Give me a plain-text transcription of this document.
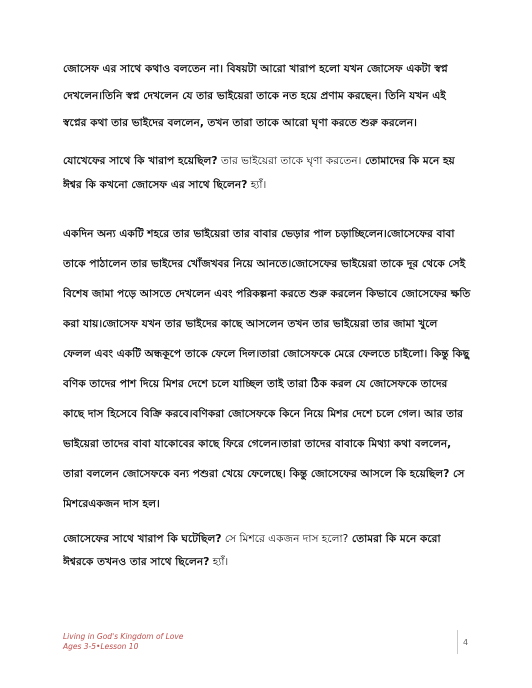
জোসেফ এর সাথে কথাও বলতেন না। বিষয়টা আরো খারাপ হলো যখন জোসেফ একটা স্বপ্ন
দেখলেন।তিনি স্বপ্ন দেখলেন যে তার ভাইয়েরা তাকে নত হয়ে প্রণাম করছেন। তিনি যখন এই
স্বপ্নের কথা তার ভাইদের বললেন, তখন তারা তাকে আরো ঘৃণা করতে শুরু করলেন।
যোখেফের সাথে কি খারাপ হয়েছিল? তার ভাইয়েরা তাকে ঘৃণা করতেন। তোমাদের কি মনে হয়
ঈশ্বর কি কখনো জোসেফ এর সাথে ছিলেন? হ্যাঁ।
একদিন অন্য একটি শহরে তার ভাইয়েরা তার বাবার ভেড়ার পাল চড়াচ্ছিলেন।জোসেফের বাবা
তাকে পাঠালেন তার ভাইদের খোঁজখবর নিয়ে আনতে।জোসেফের ভাইয়েরা তাকে দূর থেকে সেই
বিশেষ জামা পড়ে আসতে দেখলেন এবং পরিকল্পনা করতে শুরু করলেন কিভাবে জোসেফের ক্ষতি
করা যায়।জোসেফ যখন তার ভাইদের কাছে আসলেন তখন তার ভাইয়েরা তার জামা খুলে
ফেলল এবং একটি অন্ধকূপে তাকে ফেলে দিল।তারা জোসেফকে মেরে ফেলতে চাইলো। কিন্তু কিছু
বণিক তাদের পাশ দিয়ে মিশর দেশে চলে যাচ্ছিল তাই তারা ঠিক করল যে জোসেফকে তাদের
কাছে দাস হিসেবে বিক্রি করবে।বণিকরা জোসেফকে কিনে নিয়ে মিশর দেশে চলে গেল। আর তার
ভাইয়েরা তাদের বাবা যাকোবের কাছে ফিরে গেলেন।তারা তাদের বাবাকে মিথ্যা কথা বললেন,
তারা বললেন জোসেফকে বন্য পশুরা খেয়ে ফেলেছে। কিন্তু জোসেফের আসলে কি হয়েছিল? সে
মিশরেএকজন দাস হল।
জোসেফের সাথে খারাপ কি ঘটেছিল? সে মিশরে একজন দাস হলো? তোমরা কি মনে করো
ঈশ্বরকে তখনও তার সাথে ছিলেন? হ্যাঁ।
Living in God's Kingdom of Love
Ages 3-5•Lesson 10	4
